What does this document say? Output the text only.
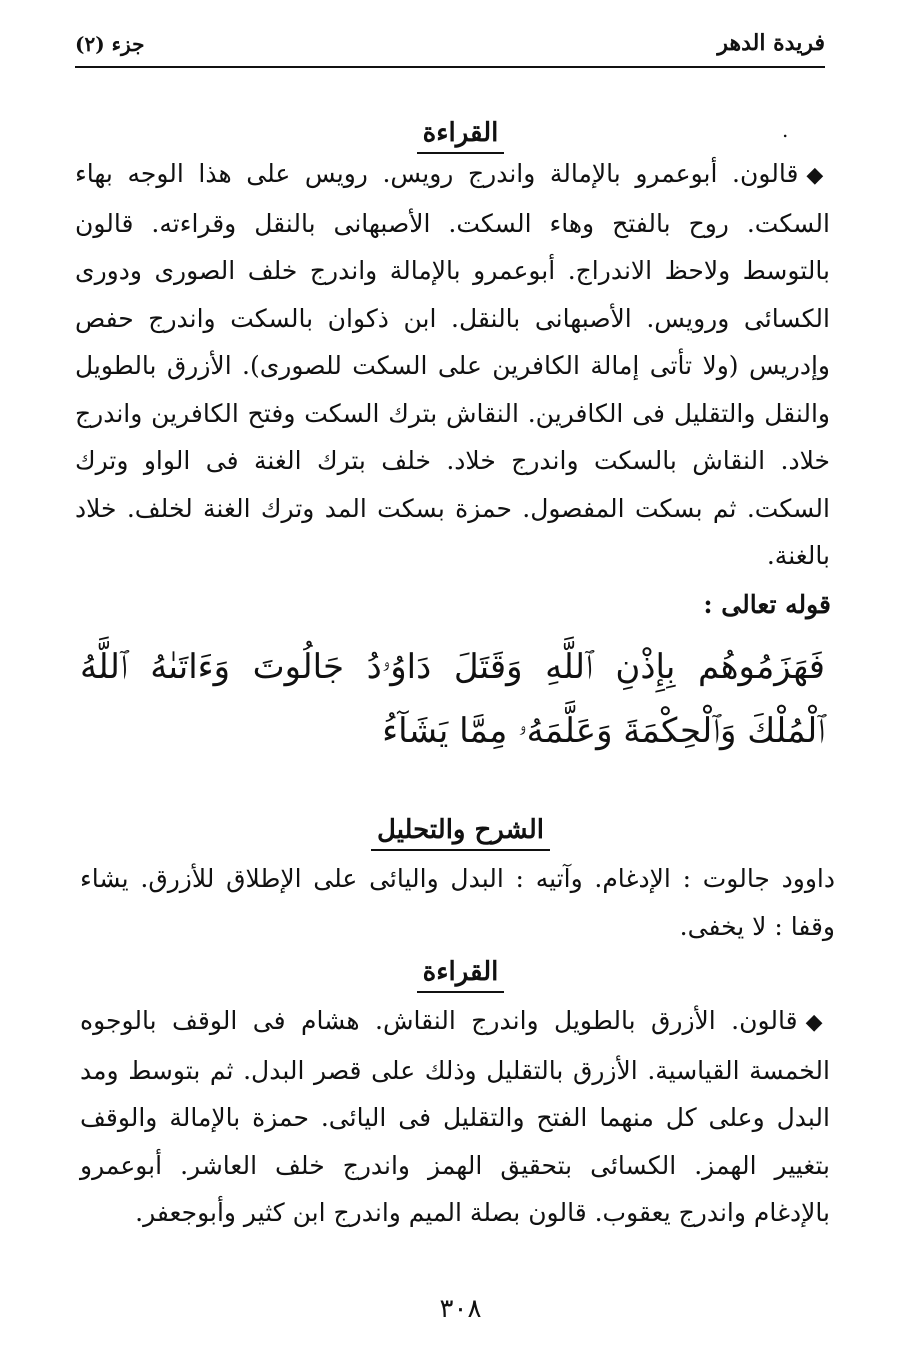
فريدة الدهر
جزء (٢)
.
القراءة

◆قالون. أبوعمرو بالإمالة واندرج رويس. رويس على هذا الوجه بهاء السكت. روح بالفتح وهاء السكت. الأصبهانى بالنقل وقراءته. قالون بالتوسط ولاحظ الاندراج. أبوعمرو بالإمالة واندرج خلف الصورى ودورى الكسائى ورويس. الأصبهانى بالنقل. ابن ذكوان بالسكت واندرج حفص وإدريس (ولا تأتى إمالة الكافرين على السكت للصورى). الأزرق بالطويل والنقل والتقليل فى الكافرين. النقاش بترك السكت وفتح الكافرين واندرج خلاد. النقاش بالسكت واندرج خلاد. خلف بترك الغنة فى الواو وترك السكت. ثم بسكت المفصول. حمزة بسكت المد وترك الغنة لخلف. خلاد بالغنة.

قوله تعالى :

فَهَزَمُوهُم بِإِذْنِ ٱللَّهِ وَقَتَلَ دَاوُۥدُ جَالُوتَ وَءَاتَىٰهُ ٱللَّهُ ٱلْمُلْكَ وَٱلْحِكْمَةَ وَعَلَّمَهُۥ مِمَّا يَشَآءُ

الشرح والتحليل

داوود جالوت : الإدغام. وآتيه : البدل واليائى على الإطلاق للأزرق. يشاء وقفا : لا يخفى.

القراءة

◆قالون. الأزرق بالطويل واندرج النقاش. هشام فى الوقف بالوجوه الخمسة القياسية. الأزرق بالتقليل وذلك على قصر البدل. ثم بتوسط ومد البدل وعلى كل منهما الفتح والتقليل فى اليائى. حمزة بالإمالة والوقف بتغيير الهمز. الكسائى بتحقيق الهمز واندرج خلف العاشر. أبوعمرو بالإدغام واندرج يعقوب. قالون بصلة الميم واندرج ابن كثير وأبوجعفر.

٣٠٨
